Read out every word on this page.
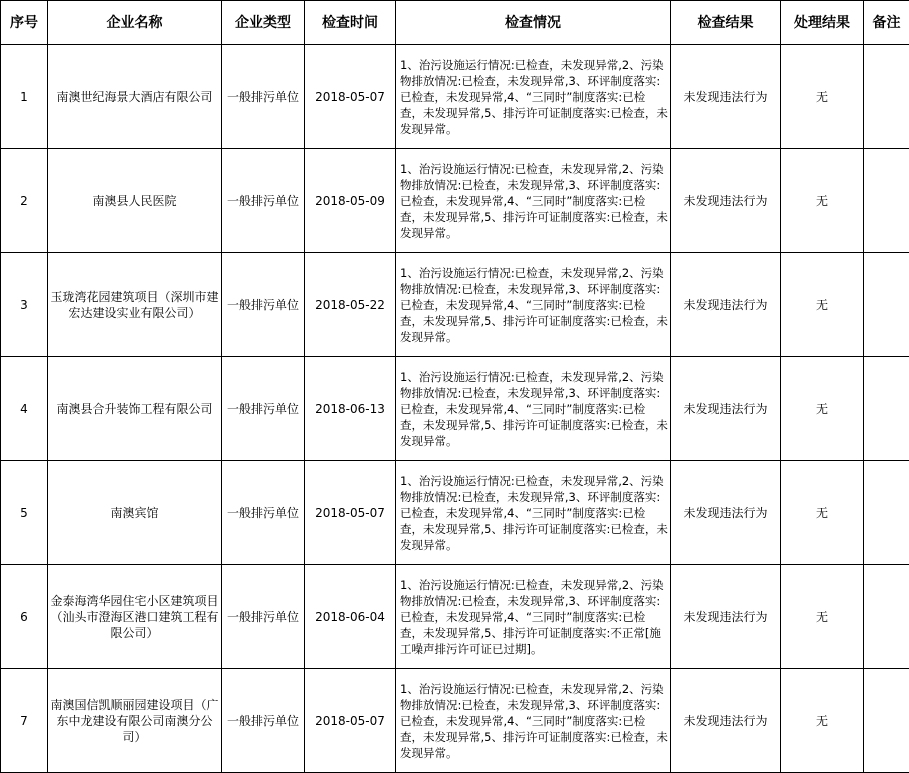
序号	企业名称	企业类型	检查时间	检查情况	检查结果	处理结果	备注
1	南澳世纪海景大酒店有限公司	一般排污单位	2018-05-07	1、治污设施运行情况:已检查，未发现异常,2、污染物排放情况:已检查，未发现异常,3、环评制度落实:已检查，未发现异常,4、“三同时”制度落实:已检查，未发现异常,5、排污许可证制度落实:已检查，未发现异常。	未发现违法行为	无	
2	南澳县人民医院	一般排污单位	2018-05-09	1、治污设施运行情况:已检查，未发现异常,2、污染物排放情况:已检查，未发现异常,3、环评制度落实:已检查，未发现异常,4、“三同时”制度落实:已检查，未发现异常,5、排污许可证制度落实:已检查，未发现异常。	未发现违法行为	无	
3	玉珑湾花园建筑项目（深圳市建宏达建设实业有限公司）	一般排污单位	2018-05-22	1、治污设施运行情况:已检查，未发现异常,2、污染物排放情况:已检查，未发现异常,3、环评制度落实:已检查，未发现异常,4、“三同时”制度落实:已检查，未发现异常,5、排污许可证制度落实:已检查，未发现异常。	未发现违法行为	无	
4	南澳县合升装饰工程有限公司	一般排污单位	2018-06-13	1、治污设施运行情况:已检查，未发现异常,2、污染物排放情况:已检查，未发现异常,3、环评制度落实:已检查，未发现异常,4、“三同时”制度落实:已检查，未发现异常,5、排污许可证制度落实:已检查，未发现异常。	未发现违法行为	无	
5	南澳宾馆	一般排污单位	2018-05-07	1、治污设施运行情况:已检查，未发现异常,2、污染物排放情况:已检查，未发现异常,3、环评制度落实:已检查，未发现异常,4、“三同时”制度落实:已检查，未发现异常,5、排污许可证制度落实:已检查，未发现异常。	未发现违法行为	无	
6	金泰海湾华园住宅小区建筑项目（汕头市澄海区港口建筑工程有限公司）	一般排污单位	2018-06-04	1、治污设施运行情况:已检查，未发现异常,2、污染物排放情况:已检查，未发现异常,3、环评制度落实:已检查，未发现异常,4、“三同时”制度落实:已检查，未发现异常,5、排污许可证制度落实:不正常[施工噪声排污许可证已过期]。	未发现违法行为	无	
7	南澳国信凯顺丽园建设项目（广东中龙建设有限公司南澳分公司）	一般排污单位	2018-05-07	1、治污设施运行情况:已检查，未发现异常,2、污染物排放情况:已检查，未发现异常,3、环评制度落实:已检查，未发现异常,4、“三同时”制度落实:已检查，未发现异常,5、排污许可证制度落实:已检查，未发现异常。	未发现违法行为	无	
